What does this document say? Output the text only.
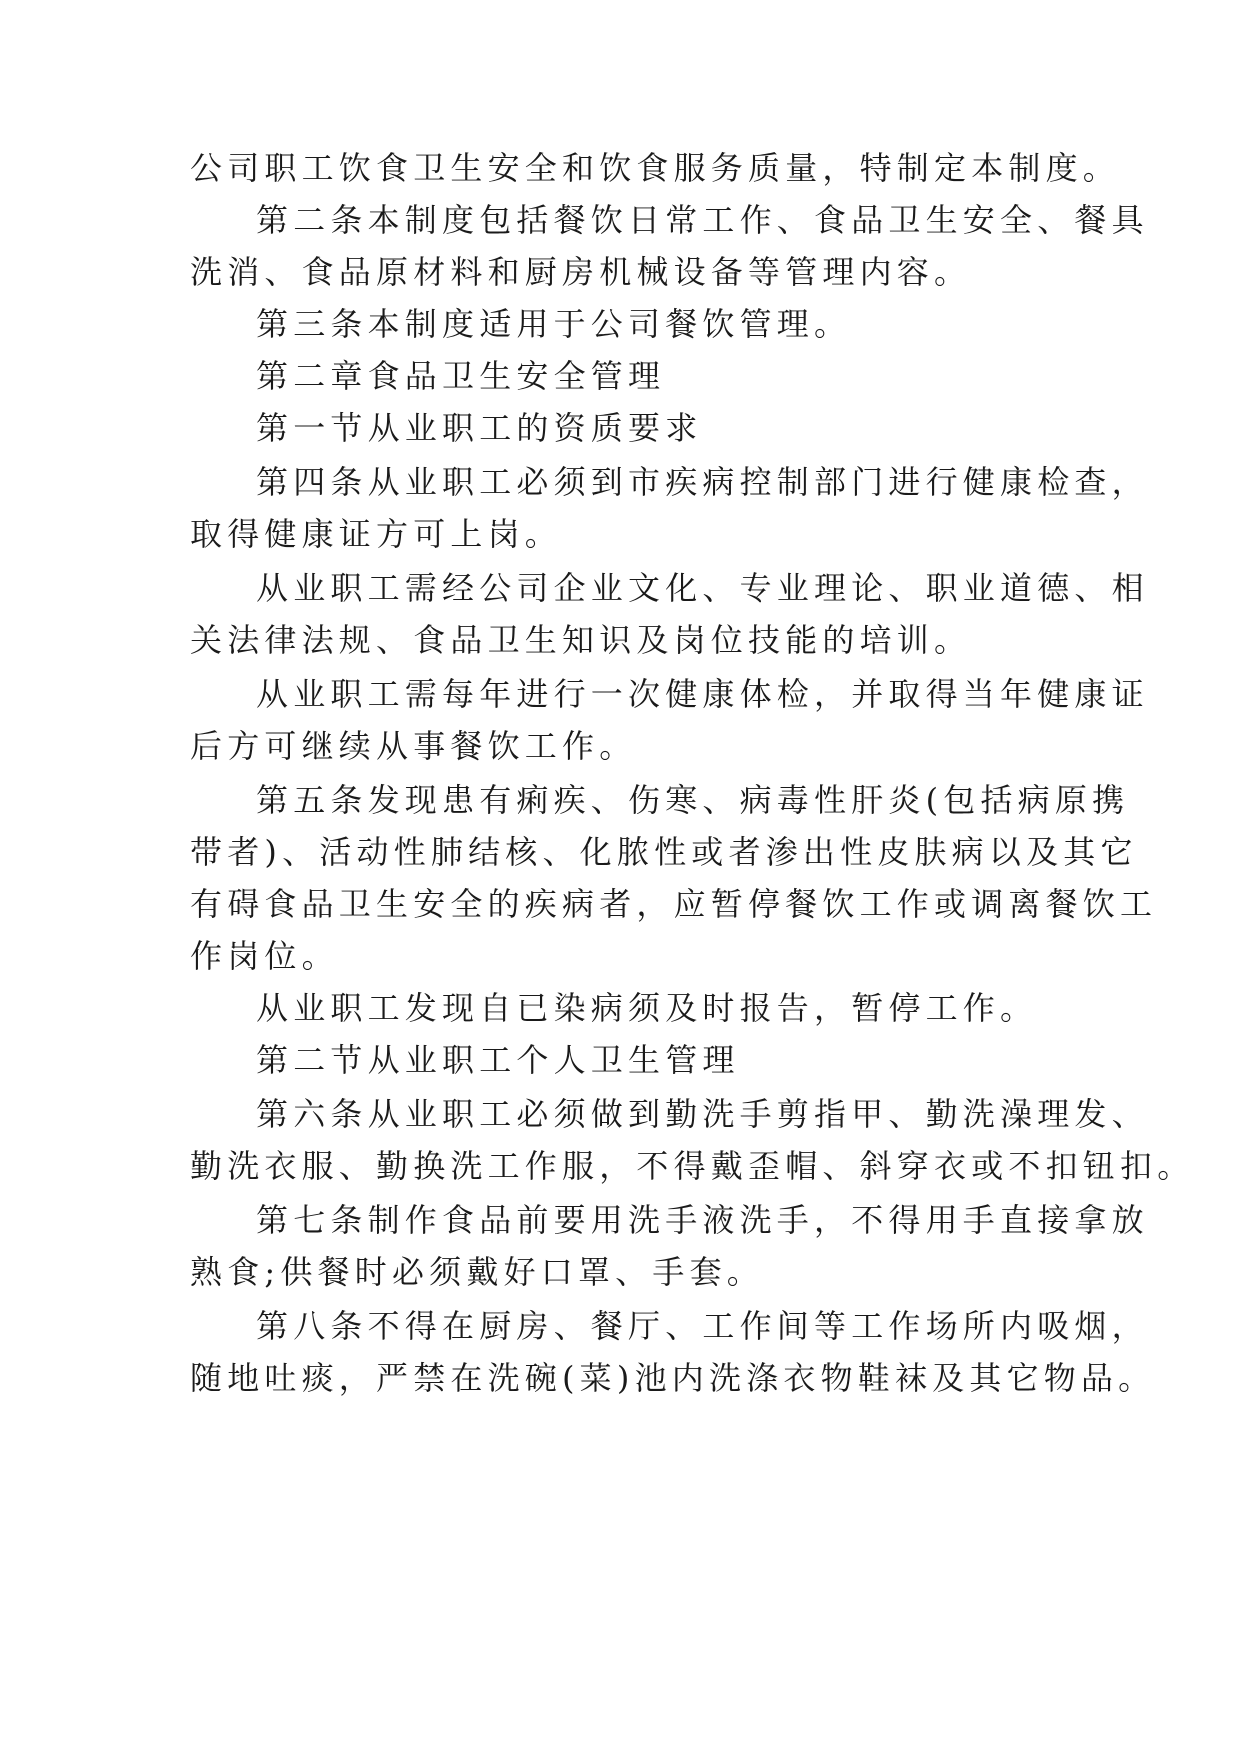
公司职工饮食卫生安全和饮食服务质量，特制定本制度。

第二条本制度包括餐饮日常工作、食品卫生安全、餐具

洗消、食品原材料和厨房机械设备等管理内容。

第三条本制度适用于公司餐饮管理。

第二章食品卫生安全管理

第一节从业职工的资质要求

第四条从业职工必须到市疾病控制部门进行健康检查，

取得健康证方可上岗。

从业职工需经公司企业文化、专业理论、职业道德、相

关法律法规、食品卫生知识及岗位技能的培训。

从业职工需每年进行一次健康体检，并取得当年健康证

后方可继续从事餐饮工作。

第五条发现患有痢疾、伤寒、病毒性肝炎(包括病原携

带者)、活动性肺结核、化脓性或者渗出性皮肤病以及其它

有碍食品卫生安全的疾病者，应暂停餐饮工作或调离餐饮工

作岗位。

从业职工发现自已染病须及时报告，暂停工作。

第二节从业职工个人卫生管理

第六条从业职工必须做到勤洗手剪指甲、勤洗澡理发、

勤洗衣服、勤换洗工作服，不得戴歪帽、斜穿衣或不扣钮扣。

第七条制作食品前要用洗手液洗手，不得用手直接拿放

熟食;供餐时必须戴好口罩、手套。

第八条不得在厨房、餐厅、工作间等工作场所内吸烟，

随地吐痰，严禁在洗碗(菜)池内洗涤衣物鞋袜及其它物品。
